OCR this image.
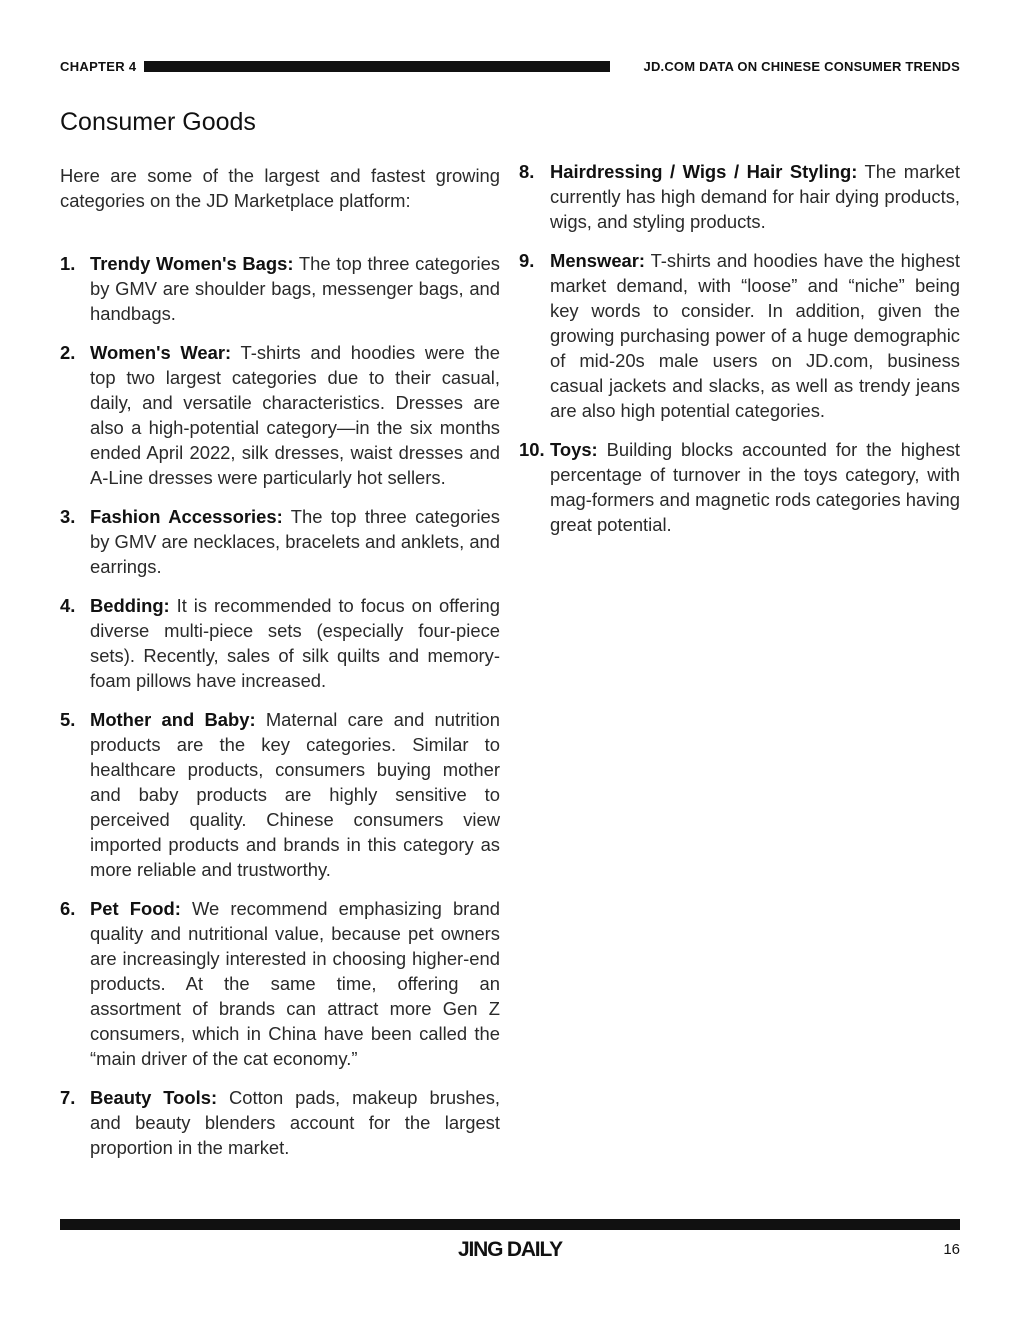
CHAPTER 4	JD.COM DATA ON CHINESE CONSUMER TRENDS
Consumer Goods

Here are some of the largest and fastest growing categories on the JD Marketplace platform:

1. Trendy Women's Bags: The top three categories by GMV are shoulder bags, messenger bags, and handbags.
2. Women's Wear: T-shirts and hoodies were the top two largest categories due to their casual, daily, and versatile characteristics. Dresses are also a high-potential category—in the six months ended April 2022, silk dresses, waist dresses and A-Line dresses were particularly hot sellers.
3. Fashion Accessories: The top three categories by GMV are necklaces, bracelets and anklets, and earrings.
4. Bedding: It is recommended to focus on offering diverse multi-piece sets (especially four-piece sets). Recently, sales of silk quilts and memory-foam pillows have increased.
5. Mother and Baby: Maternal care and nutrition products are the key categories. Similar to healthcare products, consumers buying mother and baby products are highly sensitive to perceived quality. Chinese consumers view imported products and brands in this category as more reliable and trustworthy.
6. Pet Food: We recommend emphasizing brand quality and nutritional value, because pet owners are increasingly interested in choosing higher-end products. At the same time, offering an assortment of brands can attract more Gen Z consumers, which in China have been called the “main driver of the cat economy.”
7. Beauty Tools: Cotton pads, makeup brushes, and beauty blenders account for the largest proportion in the market.
8. Hairdressing / Wigs / Hair Styling: The market currently has high demand for hair dying products, wigs, and styling products.
9. Menswear: T-shirts and hoodies have the highest market demand, with “loose” and “niche” being key words to consider. In addition, given the growing purchasing power of a huge demographic of mid-20s male users on JD.com, business casual jackets and slacks, as well as trendy jeans are also high potential categories.
10. Toys: Building blocks accounted for the highest percentage of turnover in the toys category, with mag-formers and magnetic rods categories having great potential.
JING DAILY	16
